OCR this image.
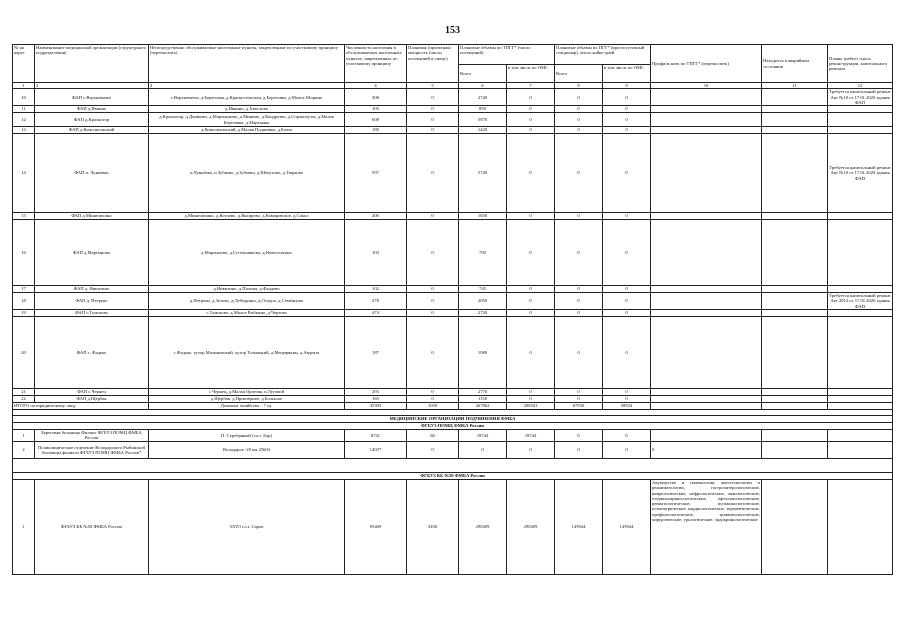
153
№ на карте	Наименование медицинской организации (структурного подразделения)	Непосредственно обслуживаемые населенные пункты, закрепленные по участковому принципу (перечислить)	Численность населения в обслуживаемых населенных пунктах, закрепленных по участковому принципу	Плановая (проектная) мощность (число посещений в смену)	Плановые объемы по ТПГГ* (число посещений)		Плановые объемы по ПГГ* (круглосуточный стационар), число койко-дней		Профиль коек по ТПГГ* (перечислить)	Находится в аварийном состоянии	Планы требует сноса, реконструкции, капитального ремонта
					Всего	в том числе по ОМС	Всего	в том числе по ОМС			
1	2	3	4	5	6	7	8	9	10	11	12
10	ФАП с.Верхнекачье	с.Верхнекачье, д.Береговая, д.Красносельская, д.Березовка, д.Малое Шорино	308	0	2740	0	0	0			Требуется капитальный ремонт Акт №10 от 17.01.2020 здания ФАП
11	ФАП д.Ивкино	д.Ивкино, д.Хвостово	105	0	850	0	0	0			
12	ФАП д.Красногор	д.Красногор, д.Дымково, д.Мартынково, д.Минино, д.Кондратко, д.Сорокопуты, д.Малая Березовка, д.Мартьяны	608	0	5870	0	0	0			
13	ФАП д.Комсомольский	д.Комсомольский, д.Малая Подшивка, д.Ключ	180	0	1420	0	0	0			
14	ФАП п. Луньёвка	п.Луньёвка, п.Зубково, д.Зубовка, д.Шекутово, д.Тюрково	597	0	5740	0	0	0			Требуется капитальный ремонт Акт №10 от 17.01.2020 здания ФАП
15	ФАП д.Миничихино	д.Миничихино, д.Котлово, д.Вяхирево, д.Комаровское, д.Сокол	200	0	1650	0	0	0			
16	ФАП д.Мартыново	д.Мартыново, д.Гусельниково, д.Новоселкино	103	0	700	0	0	0			
17	ФАП д. Никитино	д.Никитино, д.Палома, д.Фаддево	102	0	745	0	0	0			
18	ФАП д. Петрово	д.Петрово, д.Зотово, д.Лебедкино, д.Осадок, д.Семёнцево	278	0	2050	0	0	0			Требуется капитальный ремонт Акт 2012 от 17.01.2020 здания ФАП
19	ФАП с.Тумсково	с.Тумсково, д.Малое Рыбкино, д.Чертова	474	0	2720	0	0	0			
20	ФАП с. Фадько	с.Фадько, хутор Малиновский, хутор Толмацкий, д.Мещерякин, д.Авдеята	187	0	1080	0	0	0			
21	ФАП с.Чернец	с.Чернец, д.Малая Оратова, п.Луговой	293	0	2770	0	0	0			
22	ФАП д.Щербак	д.Щербак, д.Приозёрное, д.Большое	165	0	1150	0	0	0			
ИТОГО по юридическому лицу		Домовые хозяйства – 7 ед.	35395	1050	267862	208341	67830	58834			

МЕДИЦИНСКИЕ ОРГАНИЗАЦИИ ПОДЧИНЕНИЯ ФМБА											
ФГБУЗ ПОМЦ ФМБА России											
1	Береговая больница Филиал ФГБУЗ ПОМЦ ФМБА России	П. Серебряный (г.о.г. Бор)	8741	60	18744	18744	0	0			
2	Поликлиническое отделение Володарского Рыбинской больницы филиала ФГБУЗ ПОМЦ ФМБА России*	Володарск -20 км 25604	1403*	0	0	0	0	0	0		

ФГБУЗ КБ №50 ФМБА России											
1	ФГБУЗ КБ №50 ФМБА России	ЗАТО г.о.г. Саров	95469	3450	290409	290409	145944	145944	Акушерство и гинекология, анестезиологии и реаниматологии, гастроэнтерологические, неврологические, нефрологические, онкологические, оториноларингологические, офтальмологические, ревматологические, пульмонологические, психиатрические, кардиологические, терапевтические, профпатологические, травматологические, хирургические, урологические, эндокринологические		
